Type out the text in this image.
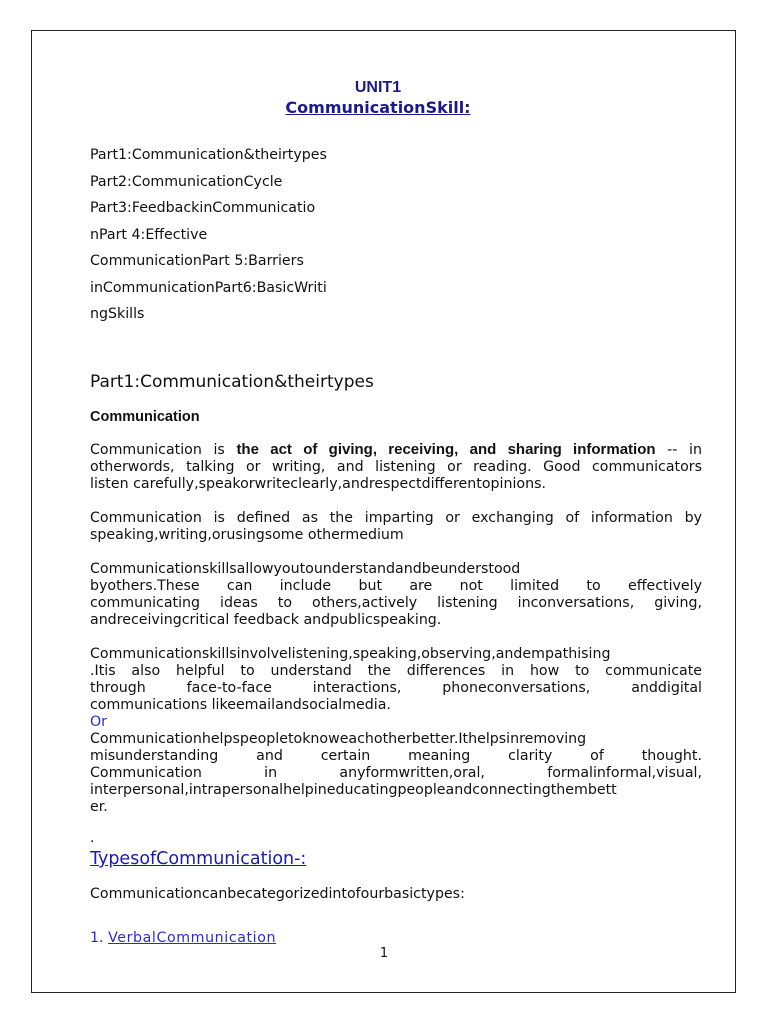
UNIT1
CommunicationSkill:
Part1:Communication&theirtypes
Part2:CommunicationCycle
Part3:FeedbackinCommunicatio
nPart 4:Effective
CommunicationPart 5:Barriers
inCommunicationPart6:BasicWriti
ngSkills
Part1:Communication&theirtypes
Communication
Communication is the act of giving, receiving, and sharing information -- in
otherwords, talking or writing, and listening or reading. Good communicators
listen carefully,speakorwriteclearly,andrespectdifferentopinions.
Communication is defined as the imparting or exchanging of information by
speaking,writing,orusingsome othermedium
Communicationskillsallowyoutounderstandandbeunderstood
byothers.These can include but are not limited to effectively
communicating ideas to others,actively listening inconversations, giving,
andreceivingcritical feedback andpublicspeaking.
Communicationskillsinvolvelistening,speaking,observing,andempathising
.Itis also helpful to understand the differences in how to communicate
through face-to-face interactions, phoneconversations, anddigital
communications likeemailandsocialmedia.
Or
Communicationhelpspeopletoknoweachotherbetter.Ithelpsinremoving
misunderstanding and certain meaning clarity of thought.
Communication in anyformwritten,oral, formalinformal,visual,
interpersonal,intrapersonalhelpineducatingpeopleandconnectingthembett
er.
.
TypesofCommunication-:
Communicationcanbecategorizedintofourbasictypes:
1. VerbalCommunication
1
